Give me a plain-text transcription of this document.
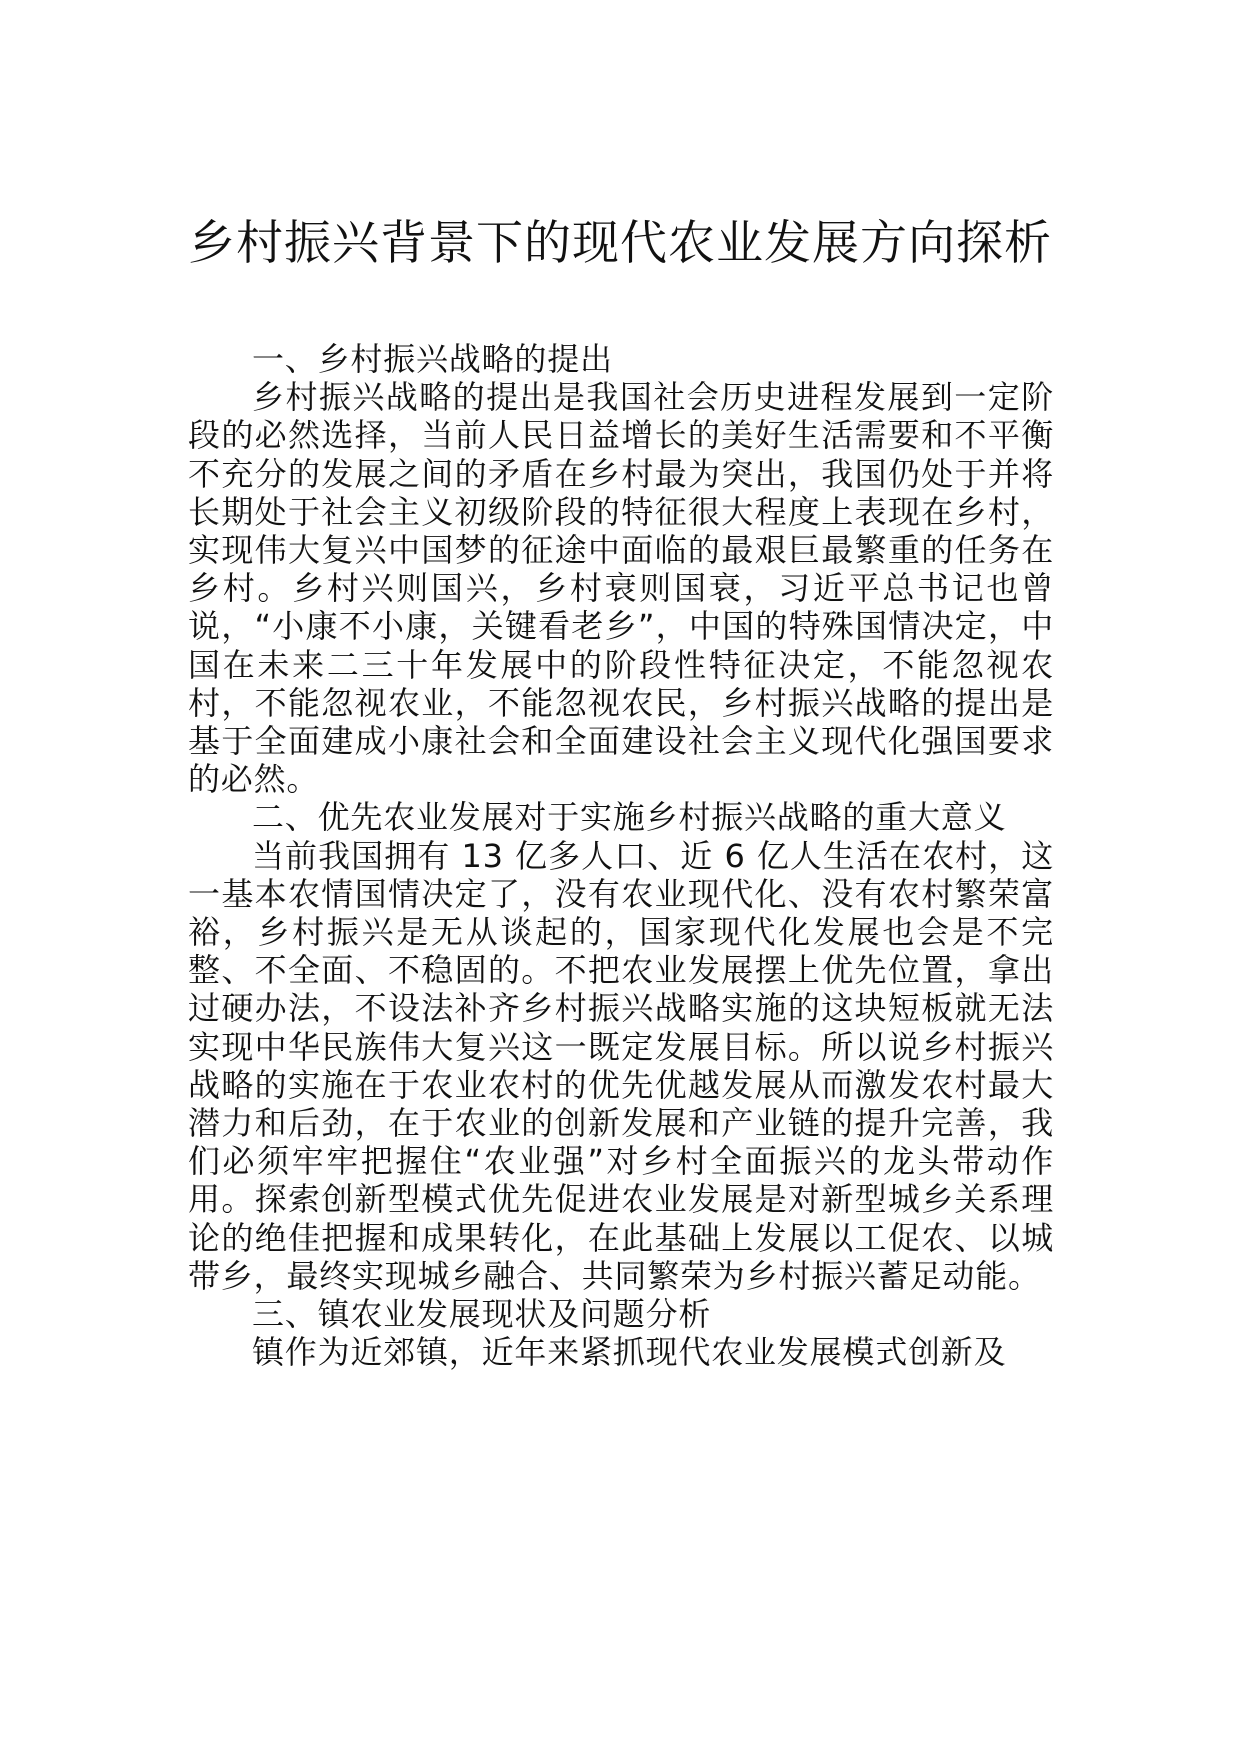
乡村振兴背景下的现代农业发展方向探析

一、乡村振兴战略的提出

乡村振兴战略的提出是我国社会历史进程发展到一定阶段的必然选择，当前人民日益增长的美好生活需要和不平衡不充分的发展之间的矛盾在乡村最为突出，我国仍处于并将长期处于社会主义初级阶段的特征很大程度上表现在乡村，实现伟大复兴中国梦的征途中面临的最艰巨最繁重的任务在乡村。乡村兴则国兴，乡村衰则国衰，习近平总书记也曾说，“小康不小康，关键看老乡”，中国的特殊国情决定，中国在未来二三十年发展中的阶段性特征决定，不能忽视农村，不能忽视农业，不能忽视农民，乡村振兴战略的提出是基于全面建成小康社会和全面建设社会主义现代化强国要求的必然。

二、优先农业发展对于实施乡村振兴战略的重大意义

当前我国拥有 13 亿多人口、近 6 亿人生活在农村，这一基本农情国情决定了，没有农业现代化、没有农村繁荣富裕，乡村振兴是无从谈起的，国家现代化发展也会是不完整、不全面、不稳固的。不把农业发展摆上优先位置，拿出过硬办法，不设法补齐乡村振兴战略实施的这块短板就无法实现中华民族伟大复兴这一既定发展目标。所以说乡村振兴战略的实施在于农业农村的优先优越发展从而激发农村最大潜力和后劲，在于农业的创新发展和产业链的提升完善，我们必须牢牢把握住“农业强”对乡村全面振兴的龙头带动作用。探索创新型模式优先促进农业发展是对新型城乡关系理论的绝佳把握和成果转化，在此基础上发展以工促农、以城带乡，最终实现城乡融合、共同繁荣为乡村振兴蓄足动能。

三、镇农业发展现状及问题分析

镇作为近郊镇，近年来紧抓现代农业发展模式创新及
